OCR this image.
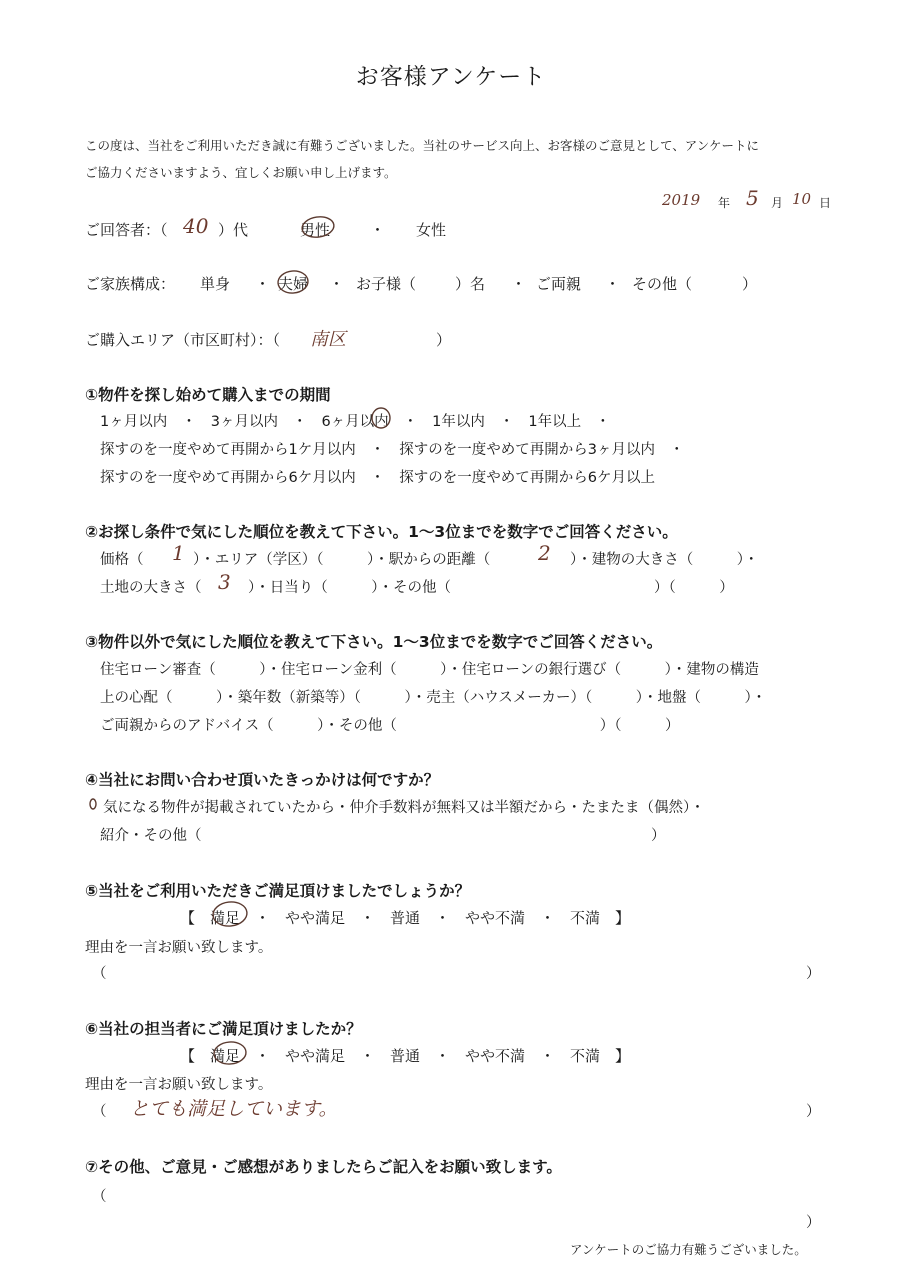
お客様アンケート
この度は、当社をご利用いただき誠に有難うございました。当社のサービス向上、お客様のご意見として、アンケートに
ご協力くださいますよう、宜しくお願い申し上げます。
2019 年 5 月 10 日
ご回答者：（ 40 ）代	男性	・ 女性
ご家族構成： 単身 ・ 夫婦 ・ お子様（	）名 ・ ご両親 ・ その他（	）
ご購入エリア（市区町村）：（ 南区	）
①物件を探し始めて購入までの期間
1ヶ月以内　・　3ヶ月以内　・　6ヶ月以内　・　1年以内　・　1年以上　・
探すのを一度やめて再開から1ケ月以内　・　探すのを一度やめて再開から3ヶ月以内　・
探すのを一度やめて再開から6ケ月以内　・　探すのを一度やめて再開から6ケ月以上
②お探し条件で気にした順位を教えて下さい。1～3位までを数字でご回答ください。
価格（ 1 ）・エリア（学区）（　　　）・駅からの距離（ 2 ）・建物の大きさ（　　　）・
土地の大きさ（ 3 ）・日当り（　　　）・その他（　　　　　　　　　　　　　　）（　　　）
③物件以外で気にした順位を教えて下さい。1～3位までを数字でご回答ください。
住宅ローン審査（　　　）・住宅ローン金利（　　　）・住宅ローンの銀行選び（　　　）・建物の構造
上の心配（　　　）・築年数（新築等）（　　　）・売主（ハウスメーカー）（　　　）・地盤（　　　）・
ご両親からのアドバイス（　　　）・その他（　　　　　　　　　　　　　　）（　　　）
④当社にお問い合わせ頂いたきっかけは何ですか？
気になる物件が掲載されていたから・仲介手数料が無料又は半額だから・たまたま（偶然）・
紹介・その他（　　　　　　　　　　　　　　　　　　　　　　　　　　　　　　　）
⑤当社をご利用いただきご満足頂けましたでしょうか？
【　満足　・　やや満足　・　普通　・　やや不満　・　不満　】
理由を一言お願い致します。
（	）
⑥当社の担当者にご満足頂けましたか？
【　満足　・　やや満足　・　普通　・　やや不満　・　不満　】
理由を一言お願い致します。
（ とても満足しています。	）
⑦その他、ご意見・ご感想がありましたらご記入をお願い致します。
（
）
アンケートのご協力有難うございました。
